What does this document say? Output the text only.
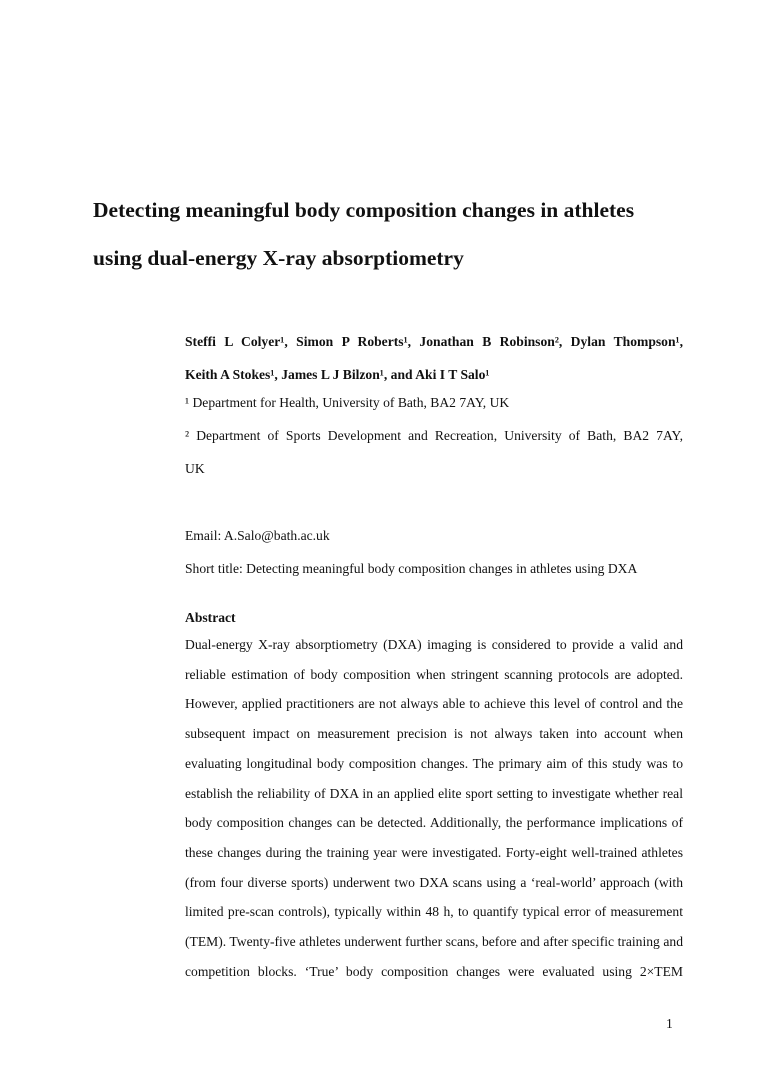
Detecting meaningful body composition changes in athletes
using dual-energy X-ray absorptiometry
Steffi L Colyer¹, Simon P Roberts¹, Jonathan B Robinson², Dylan Thompson¹,
Keith A Stokes¹, James L J Bilzon¹, and Aki I T Salo¹
¹ Department for Health, University of Bath, BA2 7AY, UK
² Department of Sports Development and Recreation, University of Bath, BA2 7AY,
UK
Email: A.Salo@bath.ac.uk
Short title: Detecting meaningful body composition changes in athletes using DXA
Abstract
Dual-energy X-ray absorptiometry (DXA) imaging is considered to provide a valid and
reliable estimation of body composition when stringent scanning protocols are adopted.
However, applied practitioners are not always able to achieve this level of control and the
subsequent impact on measurement precision is not always taken into account when
evaluating longitudinal body composition changes. The primary aim of this study was to
establish the reliability of DXA in an applied elite sport setting to investigate whether real
body composition changes can be detected. Additionally, the performance implications of
these changes during the training year were investigated. Forty-eight well-trained athletes
(from four diverse sports) underwent two DXA scans using a ‘real-world’ approach (with
limited pre-scan controls), typically within 48 h, to quantify typical error of measurement
(TEM). Twenty-five athletes underwent further scans, before and after specific training and
competition blocks. ‘True’ body composition changes were evaluated using 2×TEM
1
